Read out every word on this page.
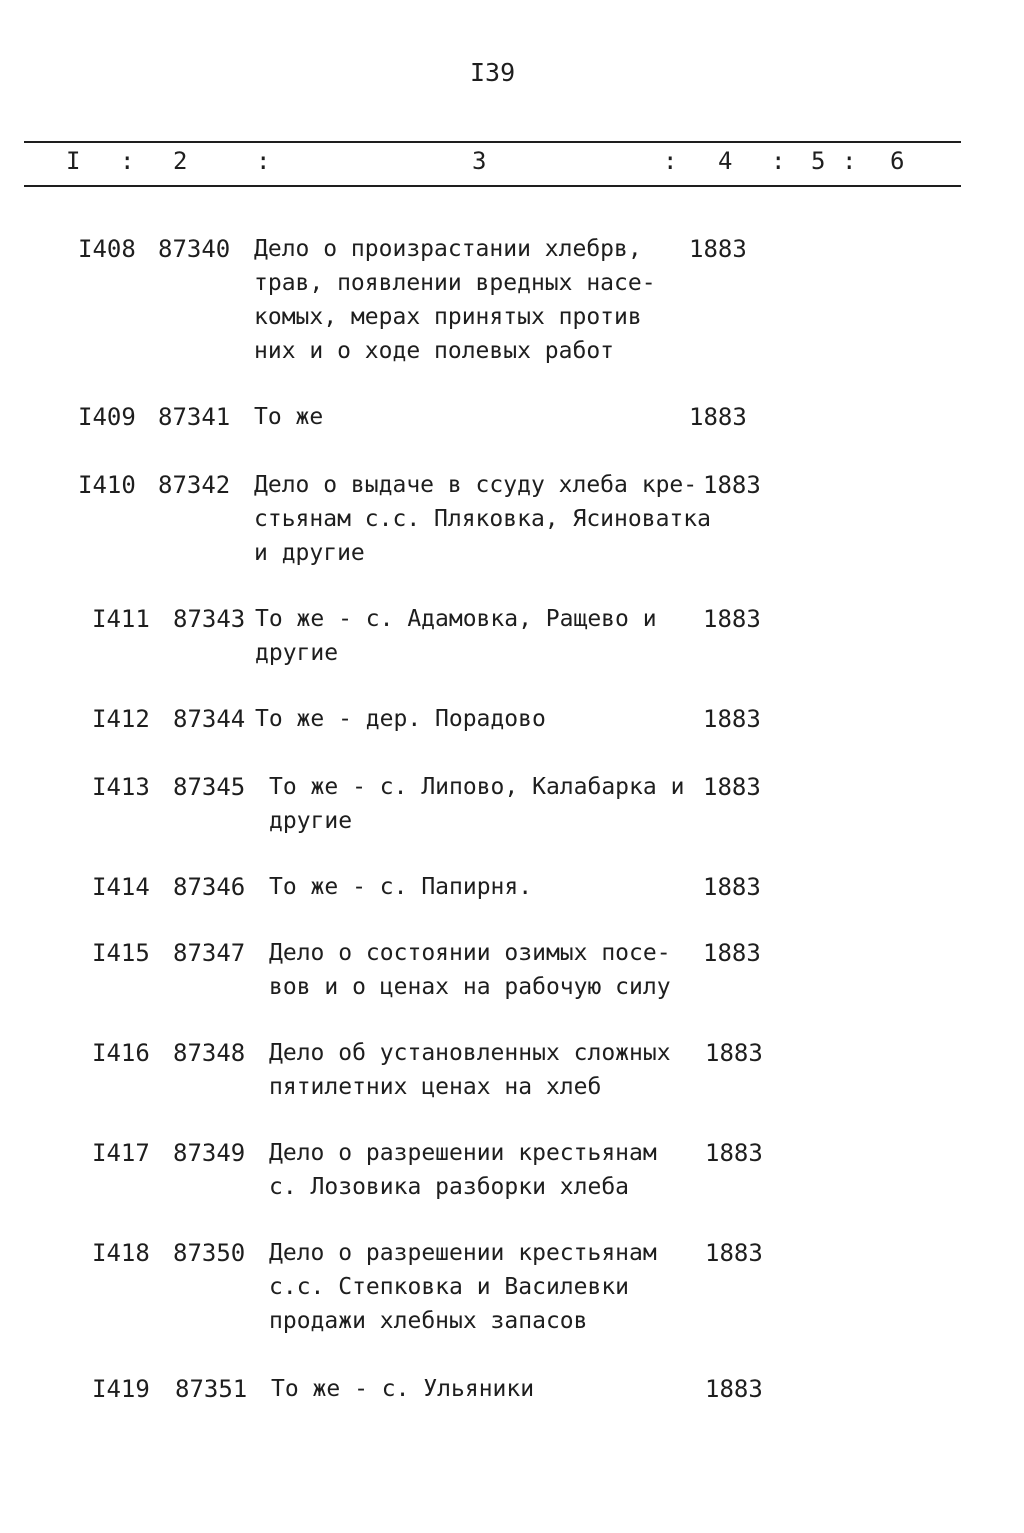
I39
I : 2	:	3	: 4 : 5 : 6
I408 87340 Дело о произрастании хлебрв,
трав, появлении вредных насе-
комых, мерах принятых против
них и о ходе полевых работ
1883
I409 87341 То же	1883
I410 87342 Дело о выдаче в ссуду хлеба кре-
стьянам с.с. Пляковка, Ясиноватка
и другие
1883
I411 87343 То же - с. Адамовка, Ращево и
другие
1883
I412 87344 То же - дер. Порадово	1883
I413 87345 То же - с. Липово, Калабарка и
другие
1883
I414 87346 То же - с. Папирня.	1883
I415 87347 Дело о состоянии озимых посе-
вов и о ценах на рабочую силу
1883
I416 87348 Дело об установленных сложных
пятилетних ценах на хлеб
1883
I417 87349 Дело о разрешении крестьянам
с. Лозовика разборки хлеба
1883
I418 87350 Дело о разрешении крестьянам
с.с. Степковка и Василевки
продажи хлебных запасов
1883
I419 87351 То же - с. Ульяники	1883
